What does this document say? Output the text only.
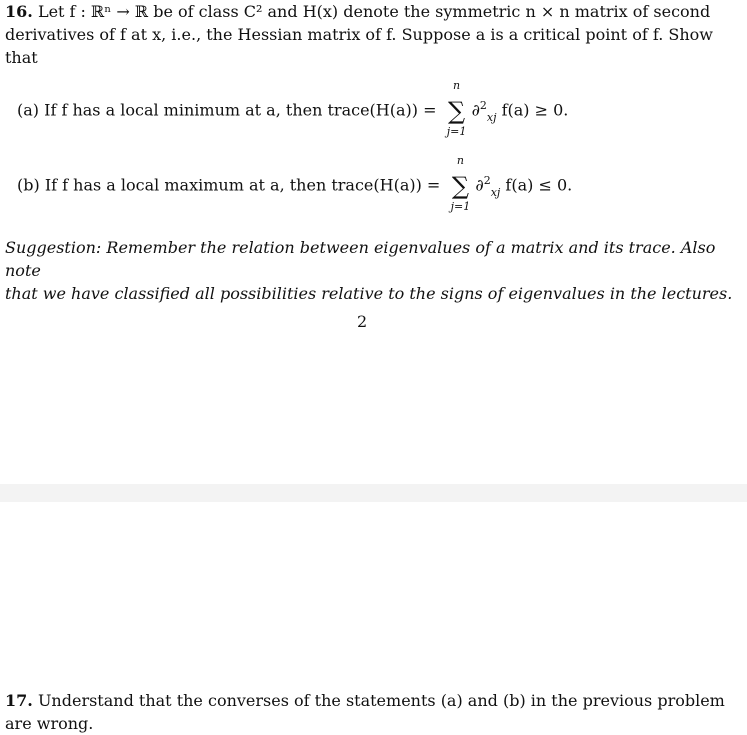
16. Let f : ℝⁿ → ℝ be of class C² and H(x) denote the symmetric n × n matrix of second
derivatives of f at x, i.e., the Hessian matrix of f. Suppose a is a critical point of f. Show
that
(a) If f has a local minimum at a, then trace(H(a)) =
n
∑
j=1
∂$^2_{xj}$ f(a) ≥ 0.
(b) If f has a local maximum at a, then trace(H(a)) =
n
∑
j=1
∂$^2_{xj}$ f(a) ≤ 0.
Suggestion: Remember the relation between eigenvalues of a matrix and its trace. Also note
that we have classified all possibilities relative to the signs of eigenvalues in the lectures.
2
17. Understand that the converses of the statements (a) and (b) in the previous problem
are wrong.
